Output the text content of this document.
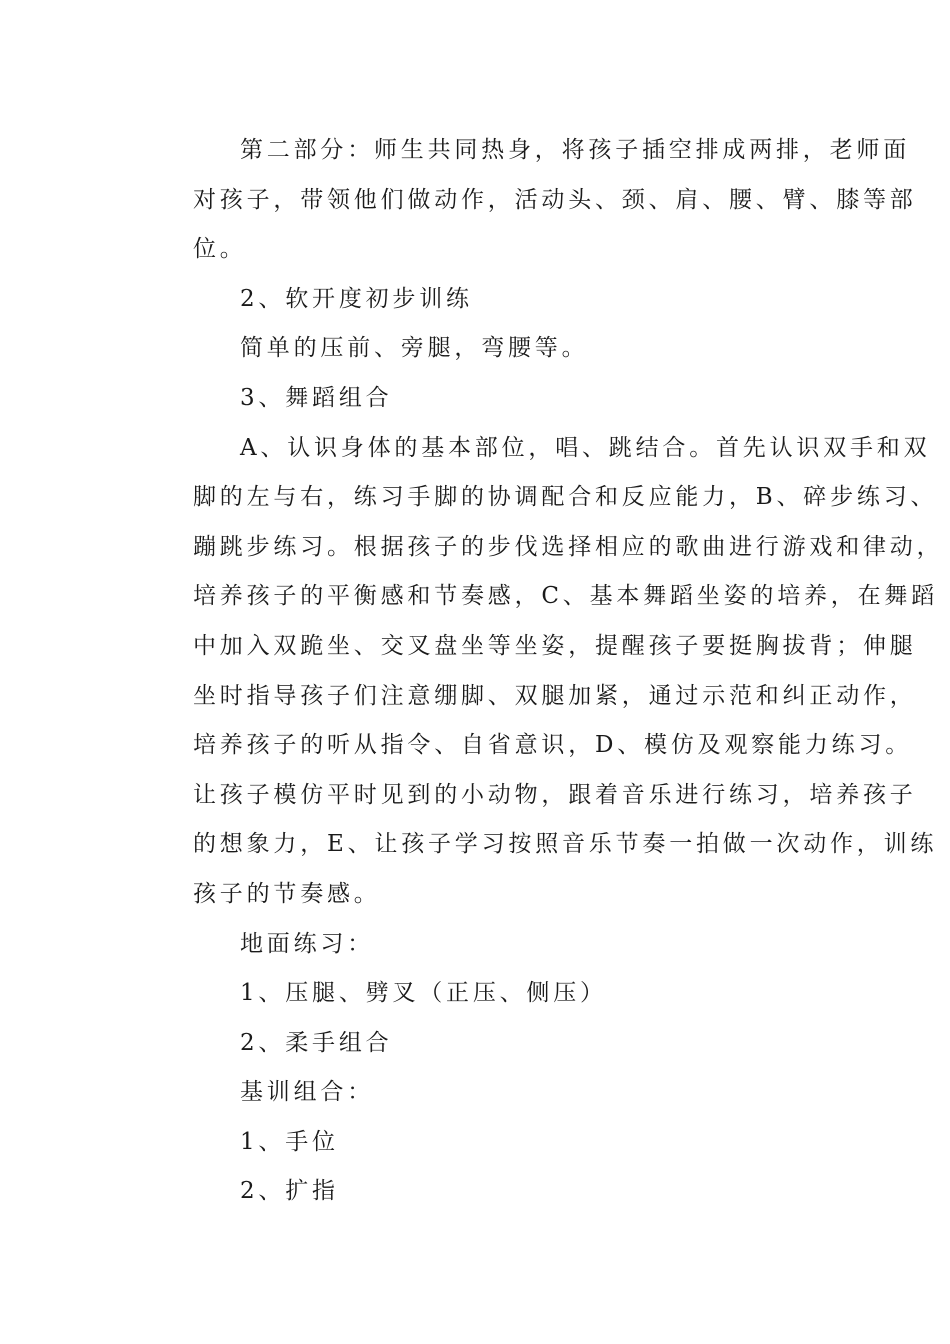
第二部分：师生共同热身，将孩子插空排成两排，老师面
对孩子，带领他们做动作，活动头、颈、肩、腰、臂、膝等部
位。
2、软开度初步训练
简单的压前、旁腿，弯腰等。
3、舞蹈组合
A、认识身体的基本部位，唱、跳结合。首先认识双手和双
脚的左与右，练习手脚的协调配合和反应能力，B、碎步练习、
蹦跳步练习。根据孩子的步伐选择相应的歌曲进行游戏和律动，
培养孩子的平衡感和节奏感，C、基本舞蹈坐姿的培养，在舞蹈
中加入双跪坐、交叉盘坐等坐姿，提醒孩子要挺胸拔背；伸腿
坐时指导孩子们注意绷脚、双腿加紧，通过示范和纠正动作，
培养孩子的听从指令、自省意识，D、模仿及观察能力练习。
让孩子模仿平时见到的小动物，跟着音乐进行练习，培养孩子
的想象力，E、让孩子学习按照音乐节奏一拍做一次动作，训练
孩子的节奏感。
地面练习：
1、压腿、劈叉（正压、侧压）
2、柔手组合
基训组合：
1、手位
2、扩指
